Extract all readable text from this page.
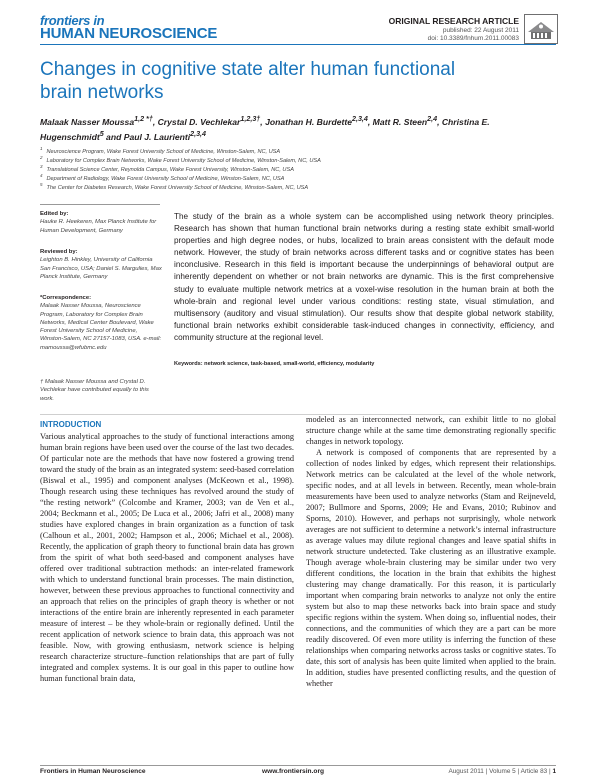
frontiers in
HUMAN NEUROSCIENCE
ORIGINAL RESEARCH ARTICLE
published: 22 August 2011
doi: 10.3389/fnhum.2011.00083
Changes in cognitive state alter human functional brain networks
Malaak Nasser Moussa$^{1,2 *\dagger}$, Crystal D. Vechlekar$^{1,2,3\dagger}$, Jonathan H. Burdette$^{2,3,4}$, Matt R. Steen$^{2,4}$, Christina E. Hugenschmidt$^5$ and Paul J. Laurienti$^{2,3,4}$
$^1$Neuroscience Program, Wake Forest University School of Medicine, Winston-Salem, NC, USA
$^2$Laboratory for Complex Brain Networks, Wake Forest University School of Medicine, Winston-Salem, NC, USA
$^3$Translational Science Center, Reynolda Campus, Wake Forest University, Winston-Salem, NC, USA
$^4$Department of Radiology, Wake Forest University School of Medicine, Winston-Salem, NC, USA
$^5$The Center for Diabetes Research, Wake Forest University School of Medicine, Winston-Salem, NC, USA
Edited by:
Hauke R. Heekeren, Max Planck Institute for Human Development, Germany
Reviewed by:
Leighton B. Hinkley, University of California San Francisco, USA; Daniel S. Margulies, Max Planck Institute, Germany
*Correspondence:
Malaak Nasser Moussa, Neuroscience Program, Laboratory for Complex Brain Networks, Medical Center Boulevard, Wake Forest University School of Medicine, Winston-Salem, NC 27157-1083, USA. e-mail: mamoussa@wfubmc.edu
† Malaak Nasser Moussa and Crystal D. Vechlekar have contributed equally to this work.
The study of the brain as a whole system can be accomplished using network theory principles. Research has shown that human functional brain networks during a resting state exhibit small-world properties and high degree nodes, or hubs, localized to brain areas consistent with the default mode network. However, the study of brain networks across different tasks and or cognitive states has been inconclusive. Research in this field is important because the underpinnings of behavioral output are inherently dependent on whether or not brain networks are dynamic. This is the first comprehensive study to evaluate multiple network metrics at a voxel-wise resolution in the human brain at both the whole-brain and regional level under various conditions: resting state, visual stimulation, and multisensory (auditory and visual stimulation). Our results show that despite global network stability, functional brain networks exhibit considerable task-induced changes in connectivity, efficiency, and community structure at the regional level.
Keywords: network science, task-based, small-world, efficiency, modularity
INTRODUCTION

Various analytical approaches to the study of functional interactions among human brain regions have been used over the course of the last two decades. Of particular note are the methods that have now fostered a growing trend toward the study of the brain as an integrated system: seed-based correlation (Biswal et al., 1995) and component analyses (McKeown et al., 1998). Though research using these techniques has revolved around the study of “the resting network” (Colcombe and Kramer, 2003; van de Ven et al., 2004; Beckmann et al., 2005; De Luca et al., 2006; Jafri et al., 2008) many studies have explored changes in brain organization as a function of task (Calhoun et al., 2001, 2002; Hampson et al., 2006; Michael et al., 2008). Recently, the application of graph theory to functional brain data has grown from the spirit of what both seed-based and component analyses have offered over traditional subtraction methods: an inter-related framework with which to understand functional brain processes. The main distinction, however, between these previous approaches to functional connectivity and an approach that relies on the principles of graph theory is whether or not interactions of the entire brain are inherently represented in each parameter measure of interest – be they whole-brain or regionally defined. Until the recent application of network science to brain data, this approach was not feasible. Now, with growing enthusiasm, network science is helping research characterize structure–function relationships that are part of fully integrated and complex systems. It is our goal in this paper to outline how human functional brain data,

modeled as an interconnected network, can exhibit little to no global structure change while at the same time demonstrating regionally specific changes in network topology.

A network is composed of components that are represented by a collection of nodes linked by edges, which represent their relationships. Network metrics can be calculated at the level of the whole network, specific nodes, and at all levels in between. Recently, mean whole-brain measurements have been used to analyze networks (Stam and Reijneveld, 2007; Bullmore and Sporns, 2009; He and Evans, 2010; Rubinov and Sporns, 2010). However, and perhaps not surprisingly, whole network averages are not sufficient to determine a network’s internal infrastructure as average values may dilute regional changes and leave spatial shifts in network structure undetected. Take clustering as an illustrative example. Though average whole-brain clustering may be similar under two very different conditions, the location in the brain that exhibits the highest clustering may change dramatically. For this reason, it is particularly important when comparing brain networks to analyze not only the entire system but also to map these networks back into brain space and study specific regions within the system. When doing so, influential nodes, their connections, and the communities of which they are a part can be more readily discovered. Of even more utility is inferring the function of these relationships when comparing networks across tasks or cognitive states. To date, this sort of analysis has been quite limited when applied to the brain. In addition, studies have presented conflicting results, and the question of whether

Frontiers in Human Neuroscience	www.frontiersin.org	August 2011 | Volume 5 | Article 83 | 1
